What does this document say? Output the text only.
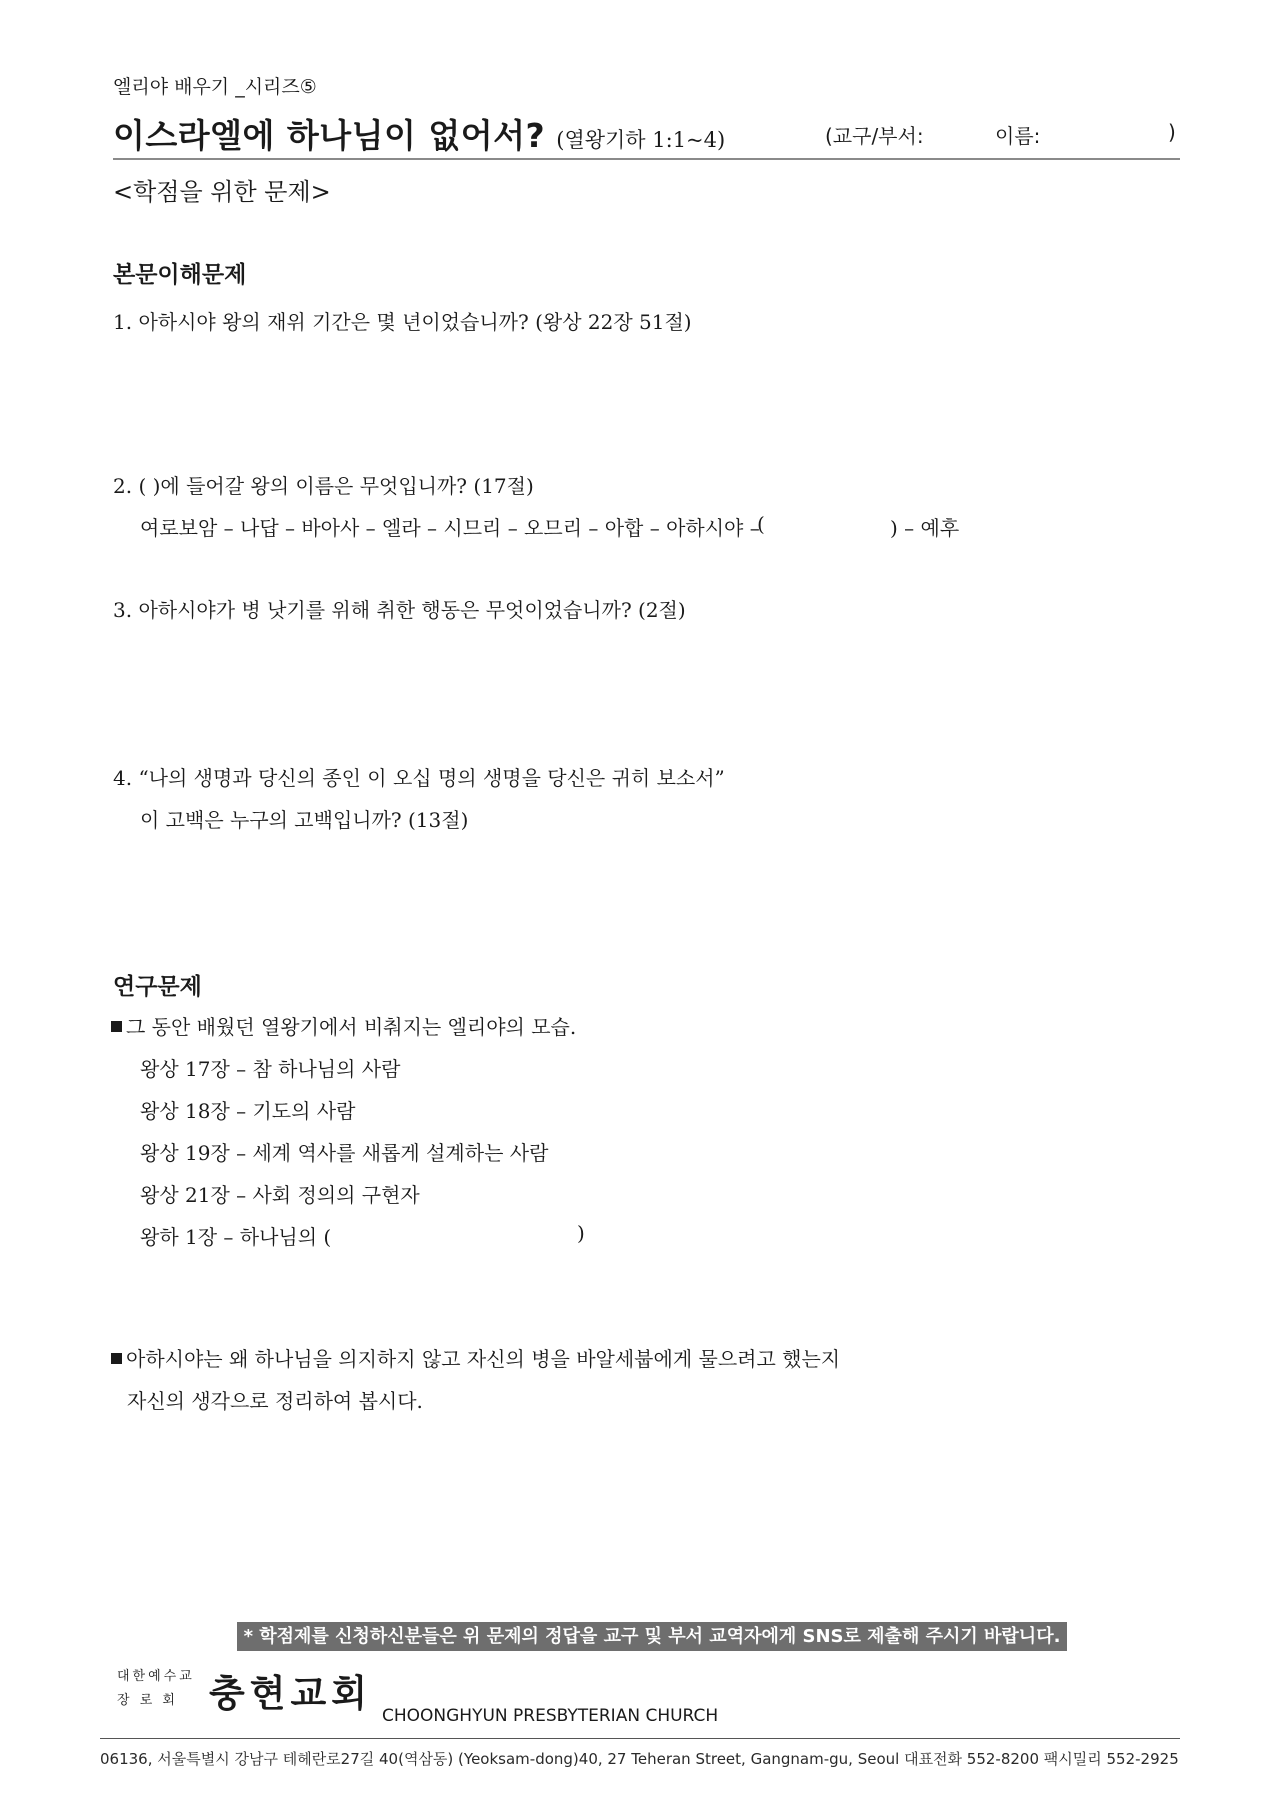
엘리야 배우기 _시리즈⑤
이스라엘에 하나님이 없어서? (열왕기하 1:1~4)	(교구/부서:	이름:	)
<학점을 위한 문제>
본문이해문제
1. 아하시야 왕의 재위 기간은 몇 년이었습니까? (왕상 22장 51절)
2. ( )에 들어갈 왕의 이름은 무엇입니까? (17절)
여로보암 – 나답 – 바아사 – 엘라 – 시므리 – 오므리 – 아합 – 아하시야 –
(	) – 예후
3. 아하시야가 병 낫기를 위해 취한 행동은 무엇이었습니까? (2절)
4. “나의 생명과 당신의 종인 이 오십 명의 생명을 당신은 귀히 보소서”
이 고백은 누구의 고백입니까? (13절)
연구문제
그 동안 배웠던 열왕기에서 비춰지는 엘리야의 모습.
왕상 17장 – 참 하나님의 사람
왕상 18장 – 기도의 사람
왕상 19장 – 세계 역사를 새롭게 설계하는 사람
왕상 21장 – 사회 정의의 구현자
왕하 1장 – 하나님의 (	)
아하시야는 왜 하나님을 의지하지 않고 자신의 병을 바알세붑에게 물으려고 했는지
자신의 생각으로 정리하여 봅시다.
* 학점제를 신청하신분들은 위 문제의 정답을 교구 및 부서 교역자에게 SNS로 제출해 주시기 바랍니다.
대한예수교
장 로 회 충현교회
CHOONGHYUN PRESBYTERIAN CHURCH
06136, 서울특별시 강남구 테헤란로27길 40(역삼동) (Yeoksam-dong)40, 27 Teheran Street, Gangnam-gu, Seoul 대표전화 552-8200 팩시밀리 552-2925
